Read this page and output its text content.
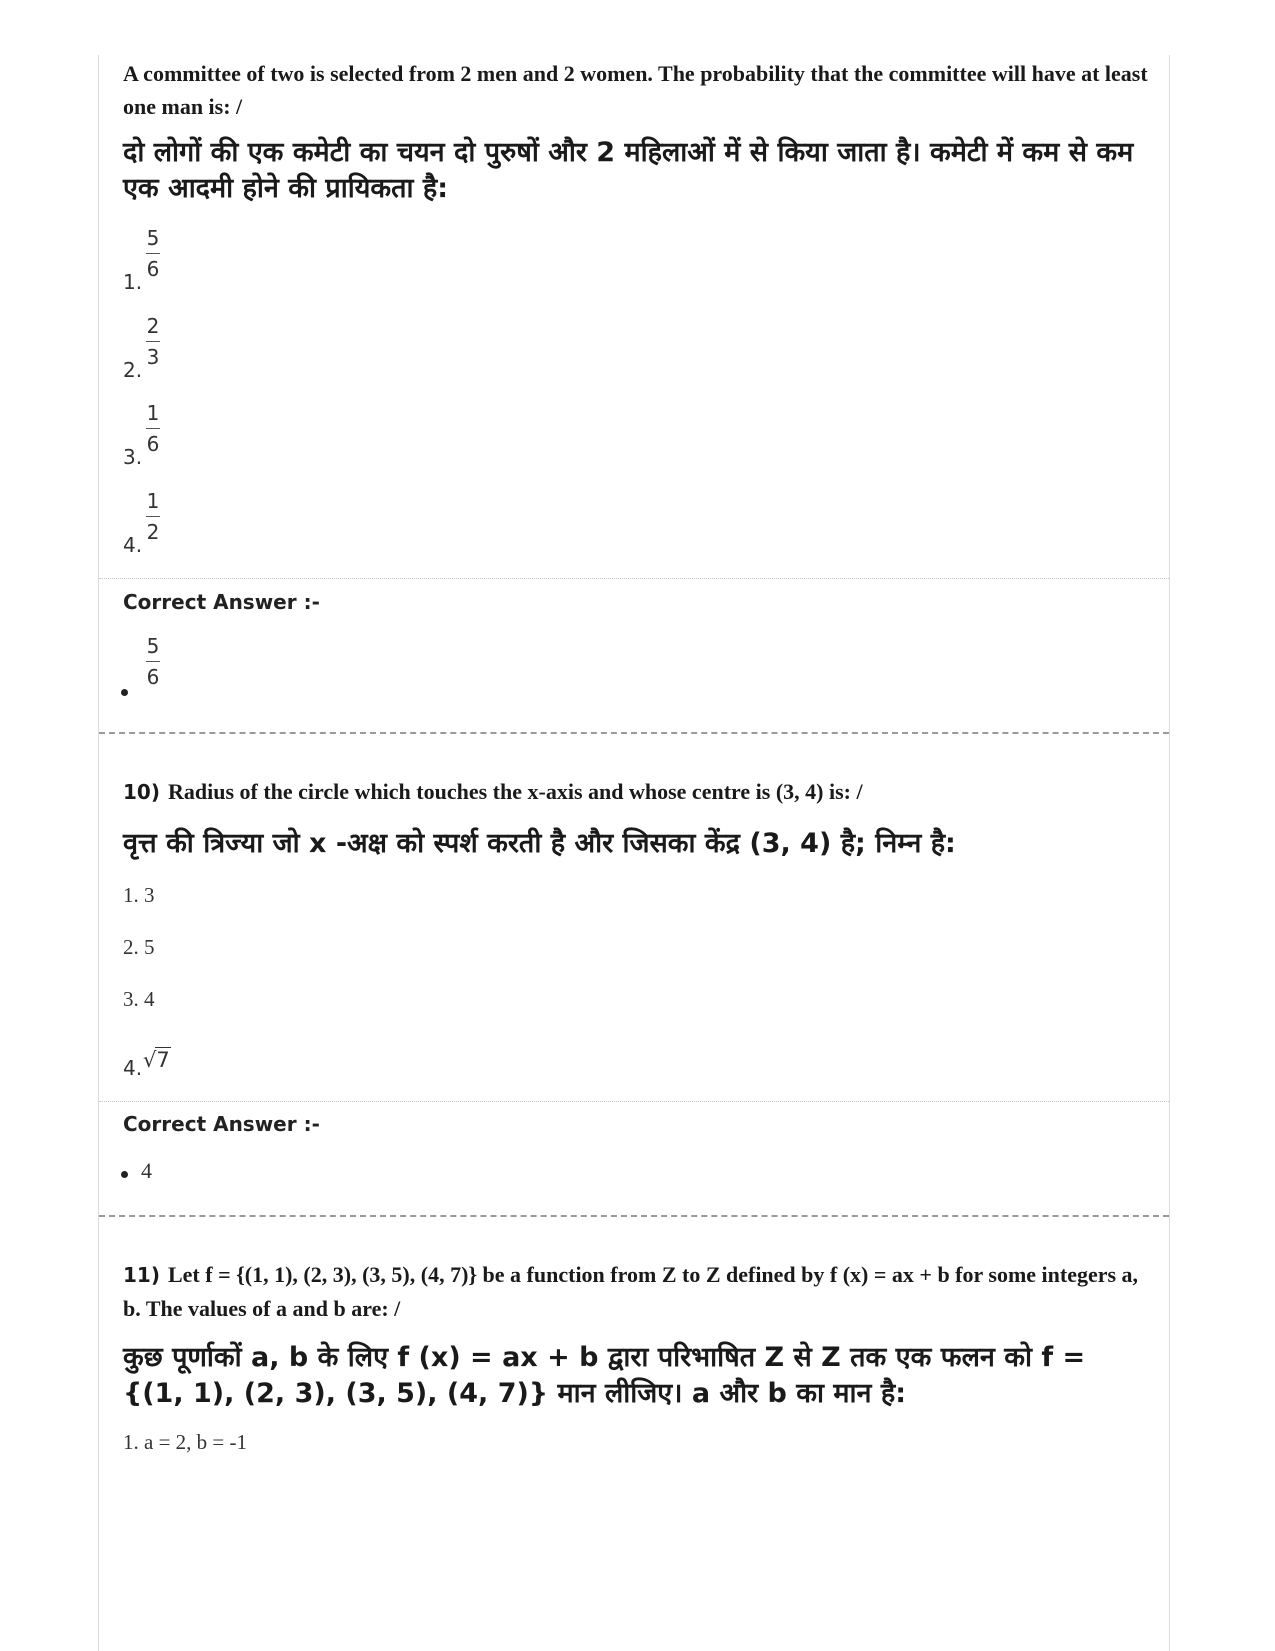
A committee of two is selected from 2 men and 2 women. The probability that the committee will have at least one man is: /
दो लोगों की एक कमेटी का चयन दो पुरुषों और 2 महिलाओं में से किया जाता है। कमेटी में कम से कम एक आदमी होने की प्रायिकता है:
1.
5
6
2.
2
3
3.
1
6
4.
1
2
Correct Answer :-
5
6
10) Radius of the circle which touches the x-axis and whose centre is (3, 4) is: /
वृत्त की त्रिज्या जो x -अक्ष को स्पर्श करती है और जिसका केंद्र (3, 4) है; निम्न है:
1. 3
2. 5
3. 4
4. √7
Correct Answer :-
4
11) Let f = {(1, 1), (2, 3), (3, 5), (4, 7)} be a function from Z to Z defined by f (x) = ax + b for some integers a, b. The values of a and b are: /
कुछ पूर्णाकों a, b के लिए f (x) = ax + b द्वारा परिभाषित Z से Z तक एक फलन को f = {(1, 1), (2, 3), (3, 5), (4, 7)} मान लीजिए। a और b का मान है:
1. a = 2, b = -1
